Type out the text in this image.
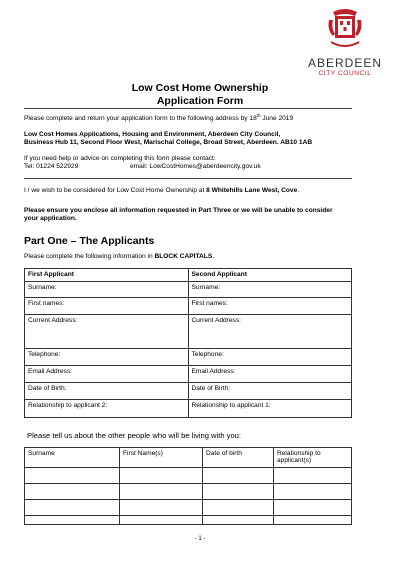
ABERDEEN
CITY COUNCIL
Low Cost Home Ownership
Application Form
Please complete and return your application form to the following address by 18th June 2019
Low Cost Homes Applications, Housing and Environment, Aberdeen City Council,
Business Hub 11, Second Floor West, Marischal College, Broad Street, Aberdeen. AB10 1AB
If you need help or advice on completing this form please contact:
Tel: 01224 522929	email: LowCostHomes@aberdeencity.gov.uk
I / we wish to be considered for Low Cost Home Ownership at 8 Whitehills Lane West, Cove.
Please ensure you enclose all information requested in Part Three or we will be unable to consider
your application.
Part One – The Applicants
Please complete the following information in BLOCK CAPITALS.
First Applicant	Second Applicant
Surname:	Surname:
First names:	First names:
Current Address:	Current Address:
Telephone:	Telephone:
Email Address:	Email Address:
Date of Birth:	Date of Birth:
Relationship to applicant 2:	Relationship to applicant 1:
Please tell us about the other people who will be living with you:
Surname	First Name(s)	Date of birth	Relationship to applicant(s)

- 1 -
